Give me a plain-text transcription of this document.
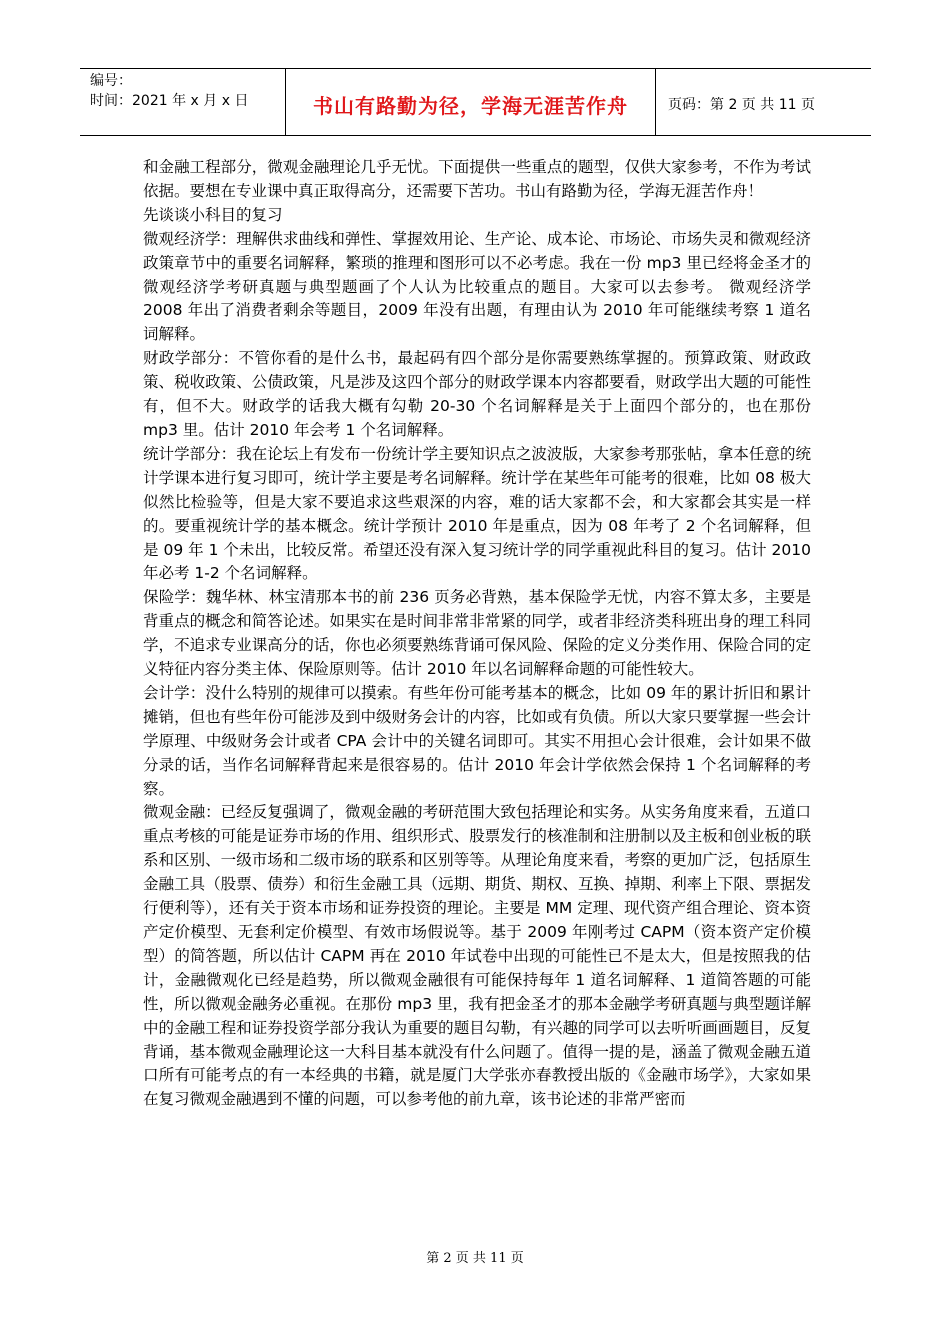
编号：
时间：2021 年 x 月 x 日	书山有路勤为径，学海无涯苦作舟	页码：第 2 页 共 11 页

和金融工程部分，微观金融理论几乎无忧。下面提供一些重点的题型，仅供大家参考，不作为考试依据。要想在专业课中真正取得高分，还需要下苦功。书山有路勤为径，学海无涯苦作舟！

先谈谈小科目的复习

微观经济学：理解供求曲线和弹性、掌握效用论、生产论、成本论、市场论、市场失灵和微观经济政策章节中的重要名词解释，繁琐的推理和图形可以不必考虑。我在一份 mp3 里已经将金圣才的微观经济学考研真题与典型题画了个人认为比较重点的题目。大家可以去参考。 微观经济学 2008 年出了消费者剩余等题目，2009 年没有出题，有理由认为 2010 年可能继续考察 1 道名词解释。

财政学部分：不管你看的是什么书，最起码有四个部分是你需要熟练掌握的。预算政策、财政政策、税收政策、公债政策，凡是涉及这四个部分的财政学课本内容都要看，财政学出大题的可能性有，但不大。财政学的话我大概有勾勒 20-30 个名词解释是关于上面四个部分的，也在那份 mp3 里。估计 2010 年会考 1 个名词解释。

统计学部分：我在论坛上有发布一份统计学主要知识点之波波版，大家参考那张帖，拿本任意的统计学课本进行复习即可，统计学主要是考名词解释。统计学在某些年可能考的很难，比如 08 极大似然比检验等，但是大家不要追求这些艰深的内容，难的话大家都不会，和大家都会其实是一样的。要重视统计学的基本概念。统计学预计 2010 年是重点，因为 08 年考了 2 个名词解释，但是 09 年 1 个未出，比较反常。希望还没有深入复习统计学的同学重视此科目的复习。估计 2010 年必考 1-2 个名词解释。

保险学：魏华林、林宝清那本书的前 236 页务必背熟，基本保险学无忧，内容不算太多，主要是背重点的概念和简答论述。如果实在是时间非常非常紧的同学，或者非经济类科班出身的理工科同学，不追求专业课高分的话，你也必须要熟练背诵可保风险、保险的定义分类作用、保险合同的定义特征内容分类主体、保险原则等。估计 2010 年以名词解释命题的可能性较大。

会计学：没什么特别的规律可以摸索。有些年份可能考基本的概念，比如 09 年的累计折旧和累计摊销，但也有些年份可能涉及到中级财务会计的内容，比如或有负债。所以大家只要掌握一些会计学原理、中级财务会计或者 CPA 会计中的关键名词即可。其实不用担心会计很难，会计如果不做分录的话，当作名词解释背起来是很容易的。估计 2010 年会计学依然会保持 1 个名词解释的考察。

微观金融：已经反复强调了，微观金融的考研范围大致包括理论和实务。从实务角度来看，五道口重点考核的可能是证券市场的作用、组织形式、股票发行的核准制和注册制以及主板和创业板的联系和区别、一级市场和二级市场的联系和区别等等。从理论角度来看，考察的更加广泛，包括原生金融工具（股票、债券）和衍生金融工具（远期、期货、期权、互换、掉期、利率上下限、票据发行便利等），还有关于资本市场和证券投资的理论。主要是 MM 定理、现代资产组合理论、资本资产定价模型、无套利定价模型、有效市场假说等。基于 2009 年刚考过 CAPM（资本资产定价模型）的简答题，所以估计 CAPM 再在 2010 年试卷中出现的可能性已不是太大，但是按照我的估计，金融微观化已经是趋势，所以微观金融很有可能保持每年 1 道名词解释、1 道简答题的可能性，所以微观金融务必重视。在那份 mp3 里，我有把金圣才的那本金融学考研真题与典型题详解中的金融工程和证券投资学部分我认为重要的题目勾勒，有兴趣的同学可以去听听画画题目，反复背诵，基本微观金融理论这一大科目基本就没有什么问题了。值得一提的是，涵盖了微观金融五道口所有可能考点的有一本经典的书籍，就是厦门大学张亦春教授出版的《金融市场学》，大家如果在复习微观金融遇到不懂的问题，可以参考他的前九章，该书论述的非常严密而

第 2 页 共 11 页
